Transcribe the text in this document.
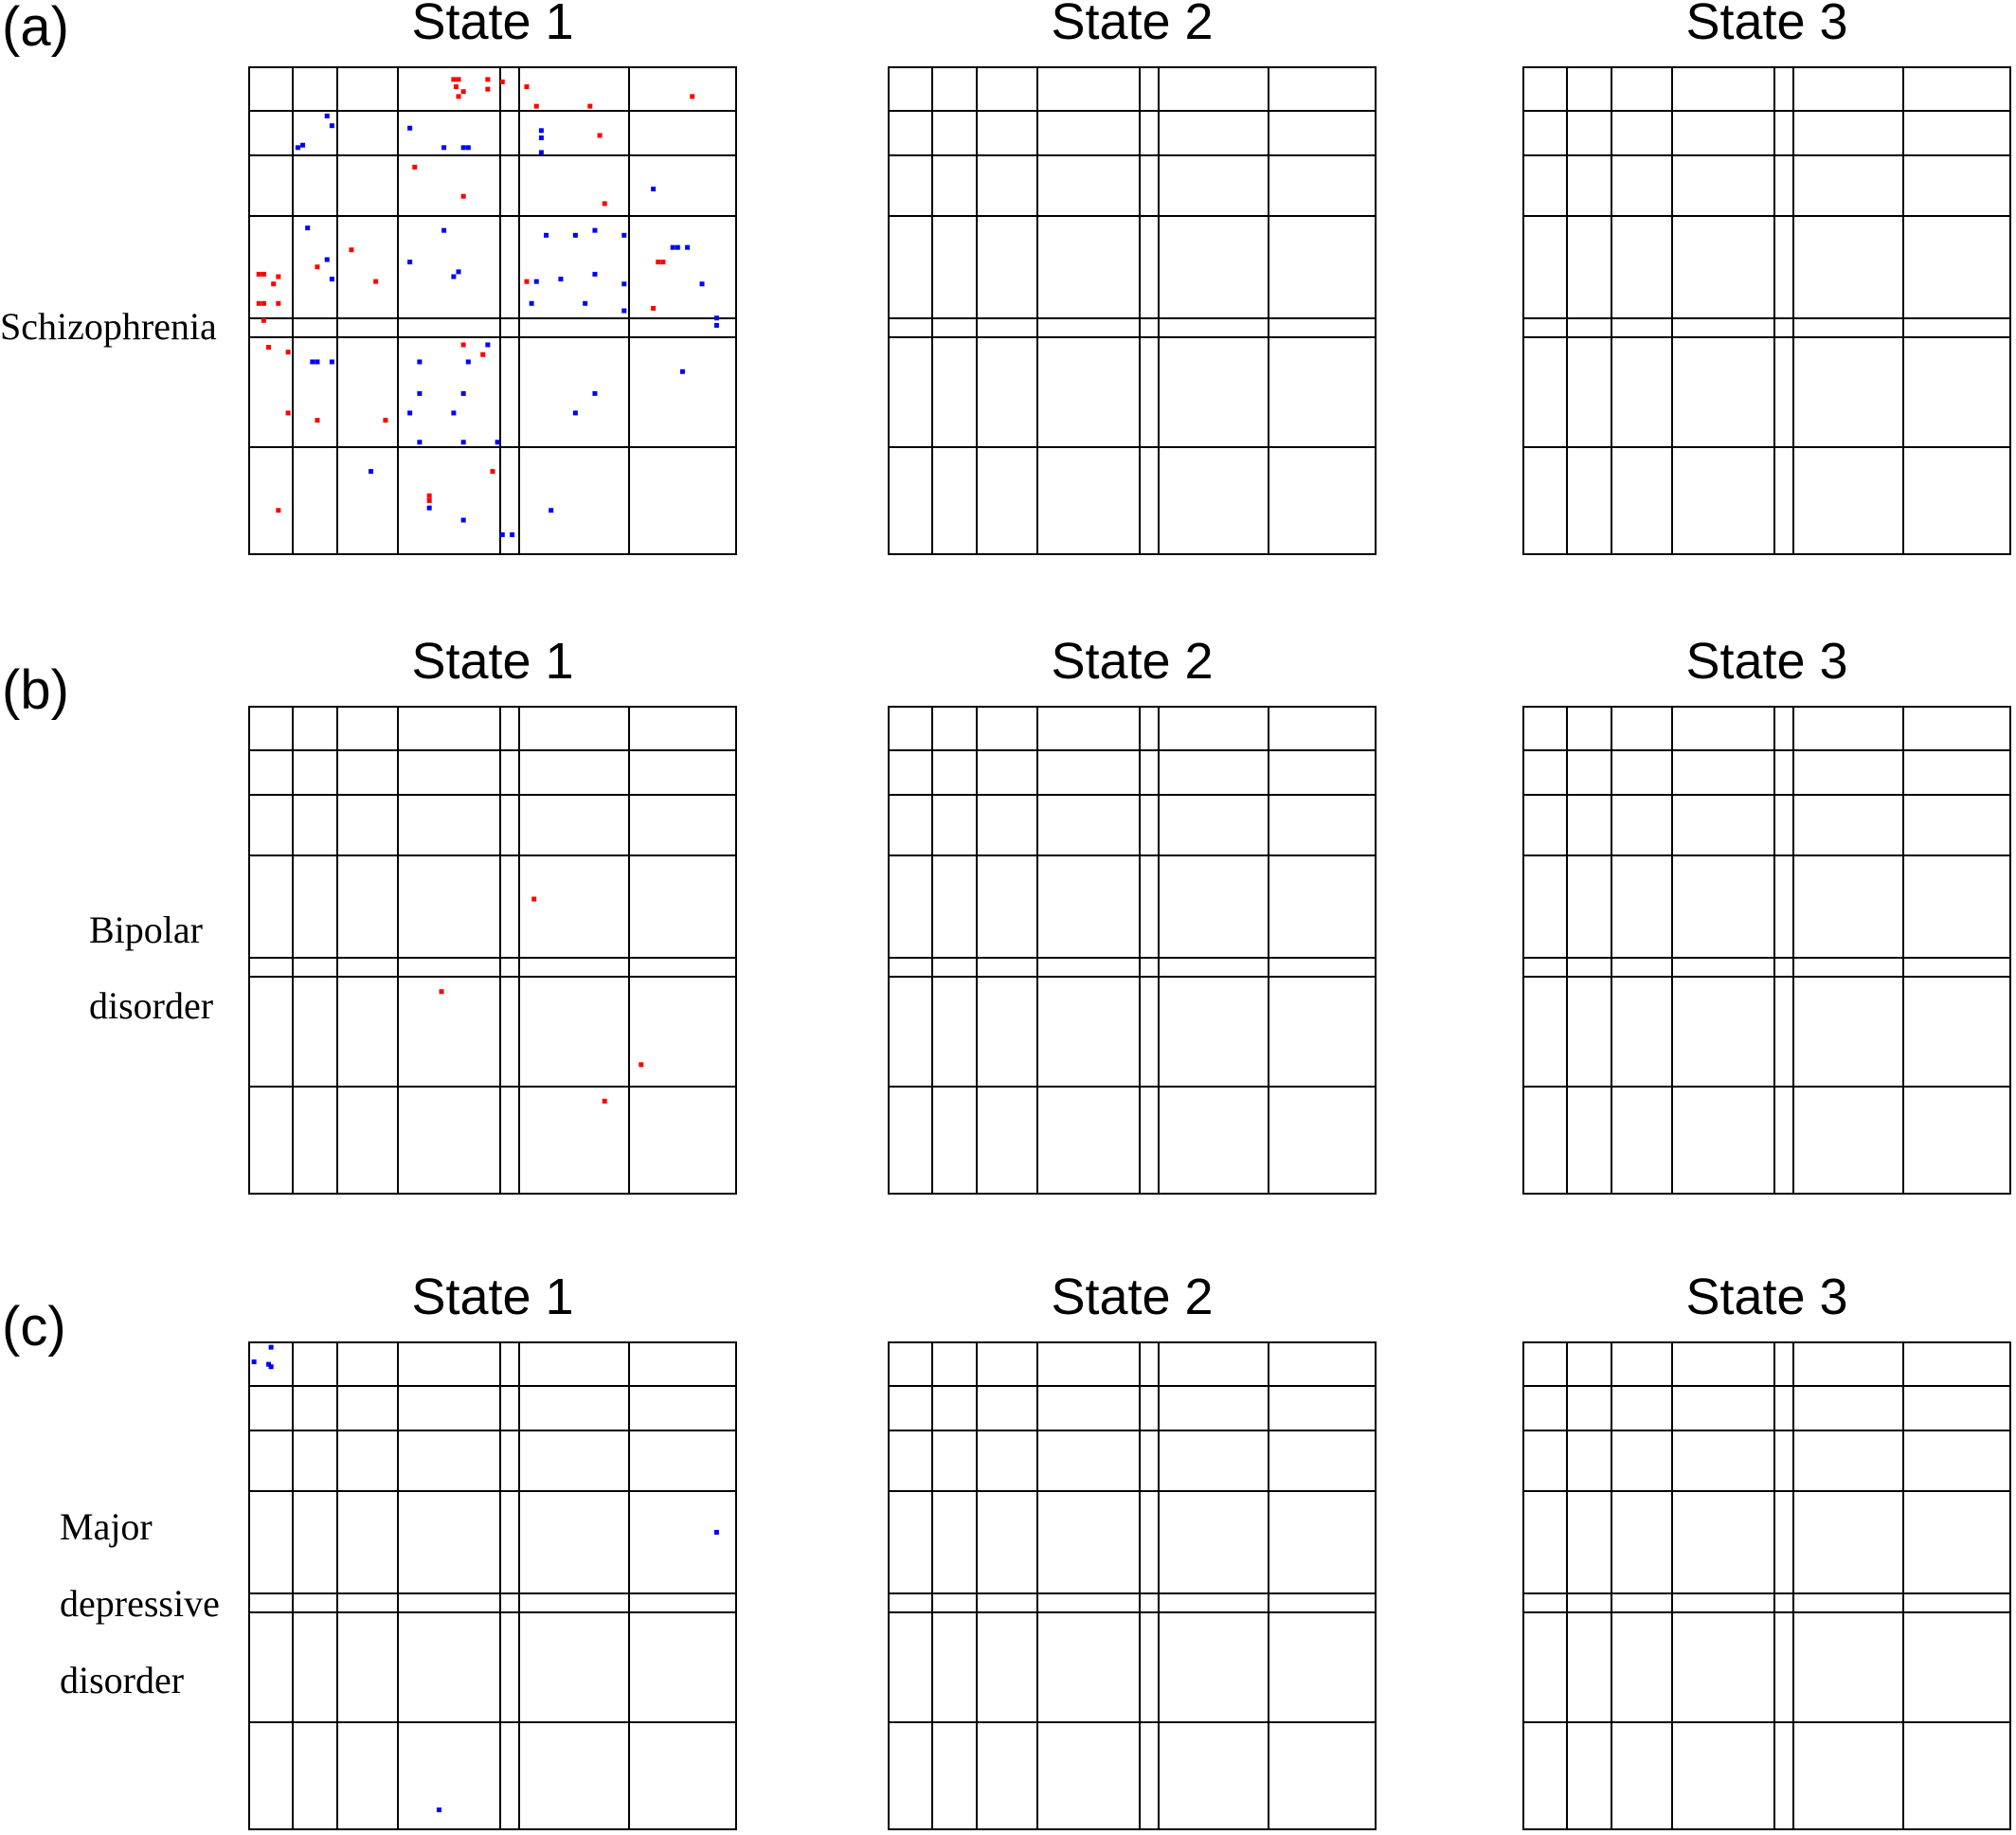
(a)
Schizophrenia
State 1	State 2	State 3
(b)
Bipolar
disorder
State 1	State 2	State 3
(c)
Major
depressive
disorder
State 1	State 2	State 3
